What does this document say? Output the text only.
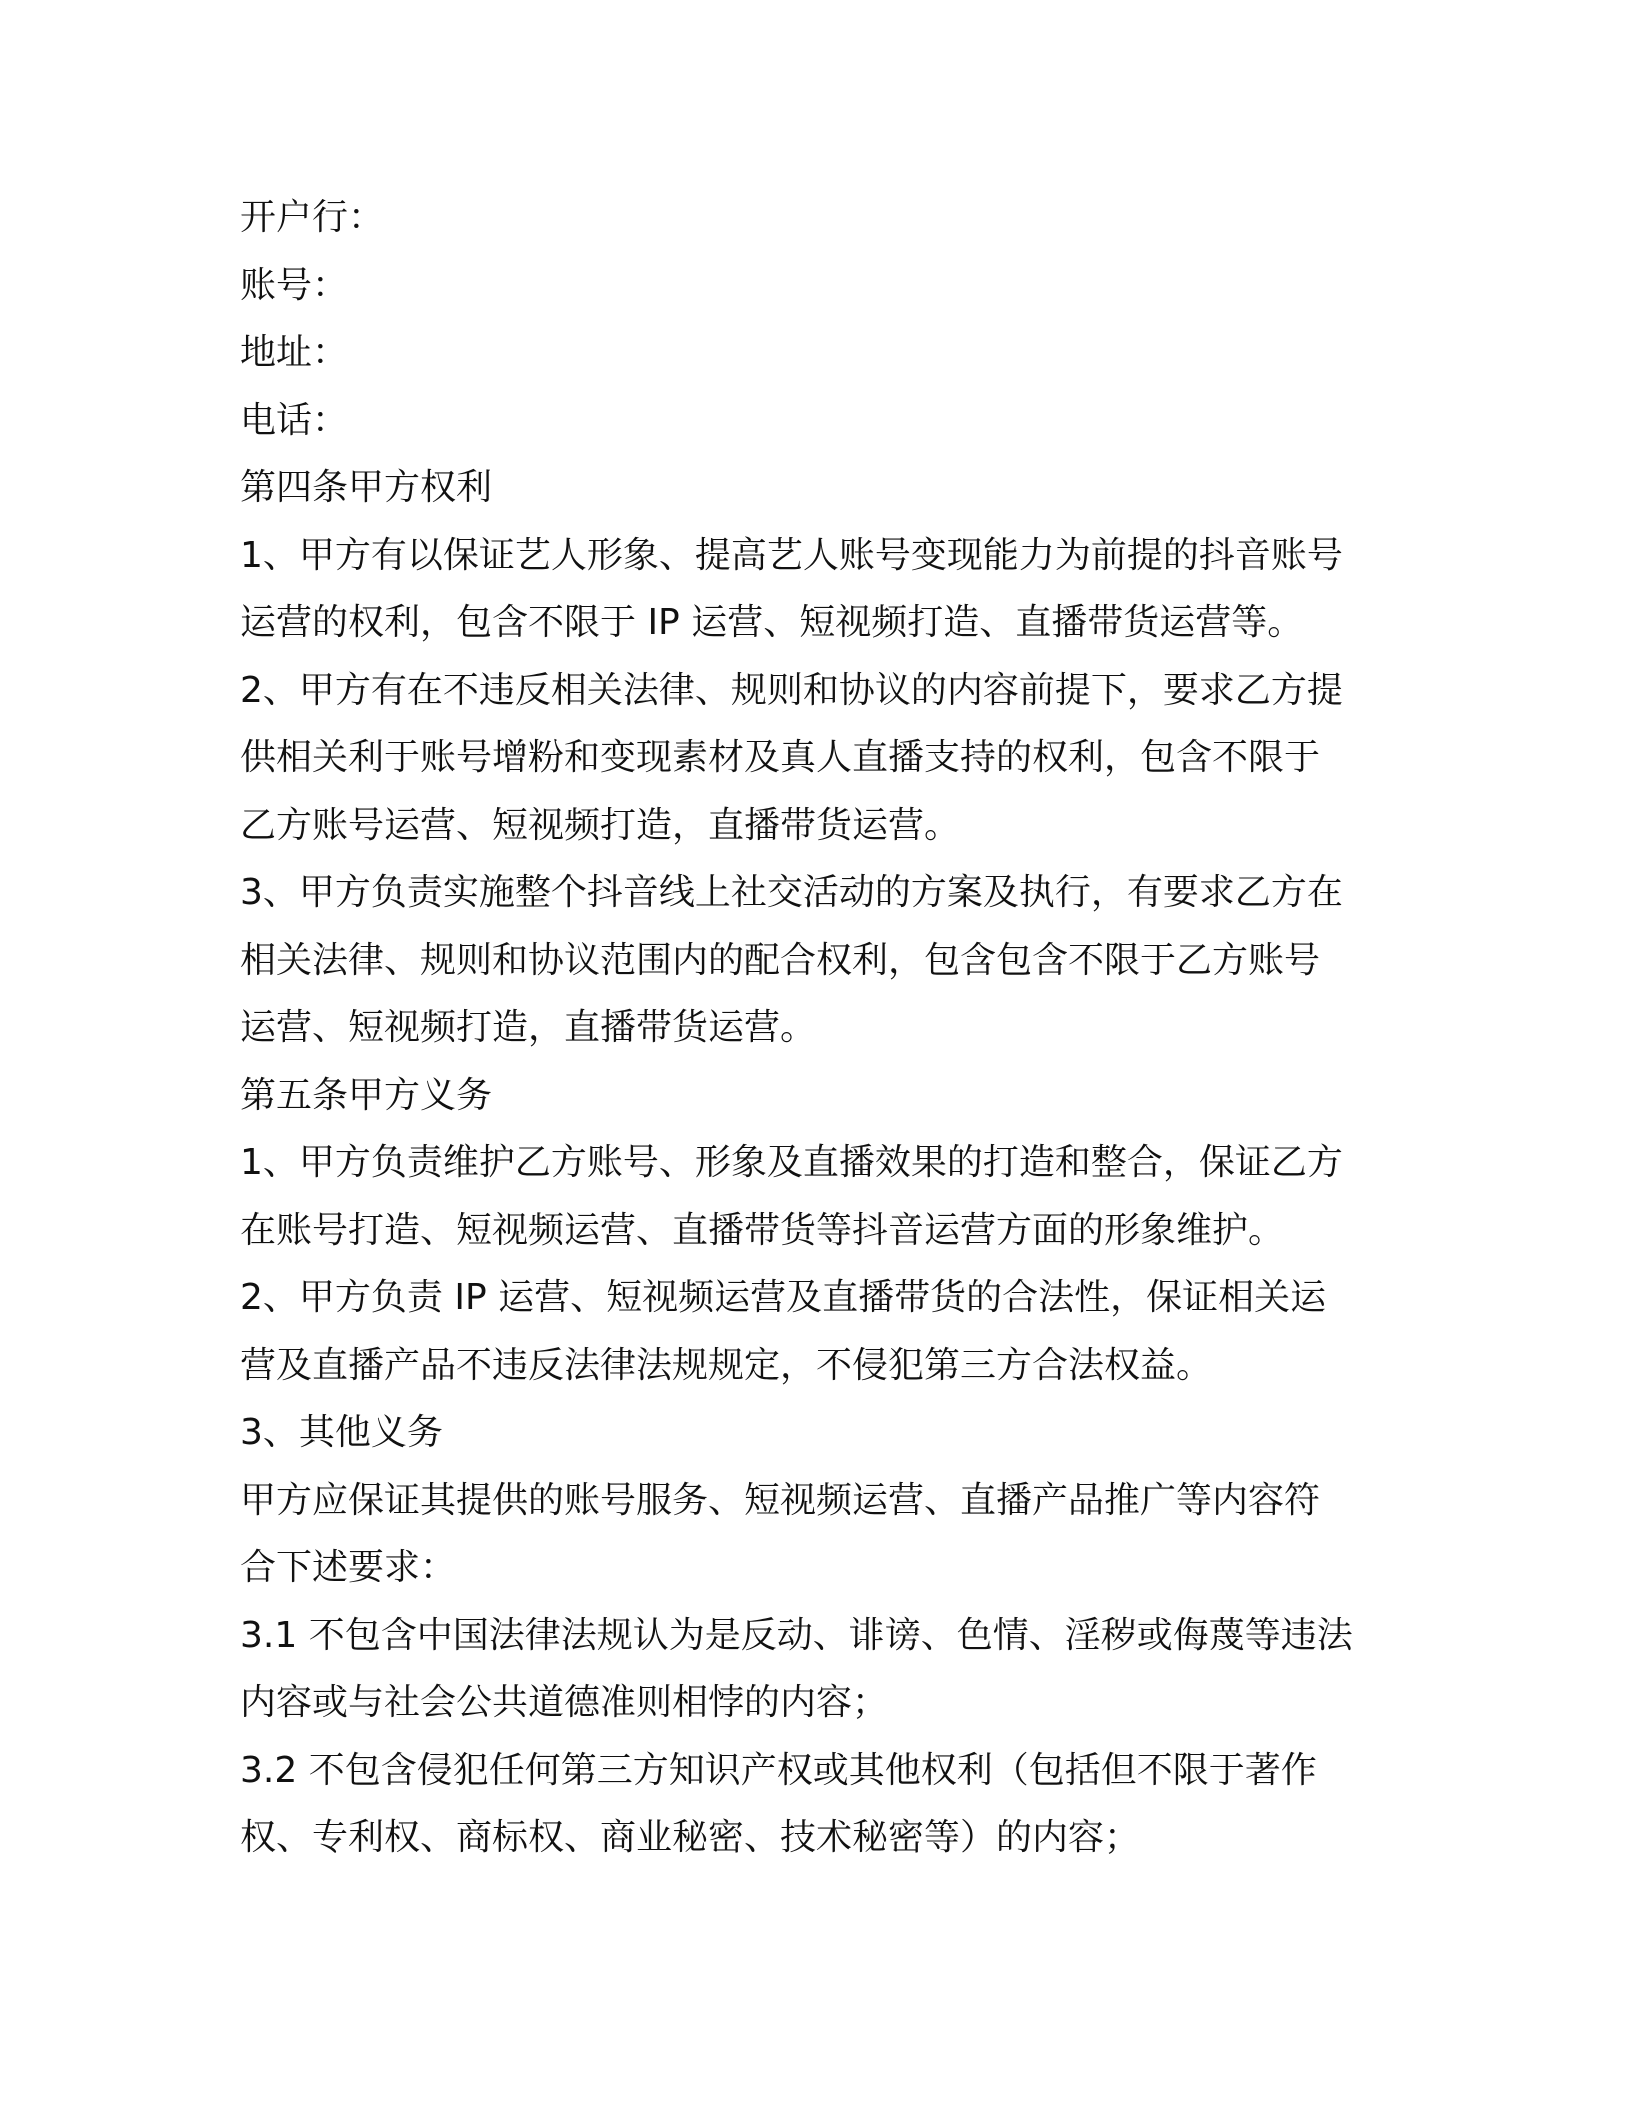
开户行：
账号：
地址：
电话：
第四条甲方权利
1、甲方有以保证艺人形象、提高艺人账号变现能力为前提的抖音账号
运营的权利，包含不限于 IP 运营、短视频打造、直播带货运营等。
2、甲方有在不违反相关法律、规则和协议的内容前提下，要求乙方提
供相关利于账号增粉和变现素材及真人直播支持的权利，包含不限于
乙方账号运营、短视频打造，直播带货运营。
3、甲方负责实施整个抖音线上社交活动的方案及执行，有要求乙方在
相关法律、规则和协议范围内的配合权利，包含包含不限于乙方账号
运营、短视频打造，直播带货运营。
第五条甲方义务
1、甲方负责维护乙方账号、形象及直播效果的打造和整合，保证乙方
在账号打造、短视频运营、直播带货等抖音运营方面的形象维护。
2、甲方负责 IP 运营、短视频运营及直播带货的合法性，保证相关运
营及直播产品不违反法律法规规定，不侵犯第三方合法权益。
3、其他义务
甲方应保证其提供的账号服务、短视频运营、直播产品推广等内容符
合下述要求：
3.1 不包含中国法律法规认为是反动、诽谤、色情、淫秽或侮蔑等违法
内容或与社会公共道德准则相悖的内容；
3.2 不包含侵犯任何第三方知识产权或其他权利（包括但不限于著作
权、专利权、商标权、商业秘密、技术秘密等）的内容；
